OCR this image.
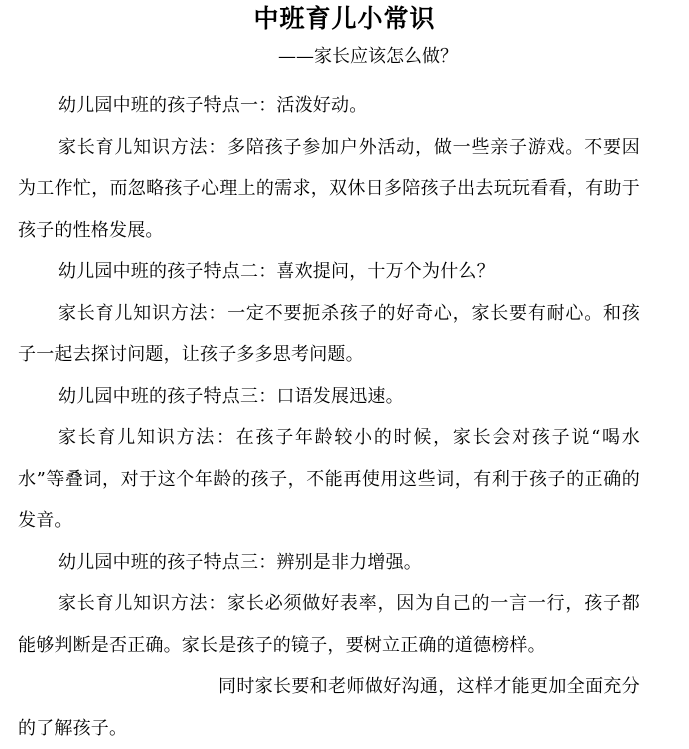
中班育儿小常识
——家长应该怎么做？

幼儿园中班的孩子特点一：活泼好动。

家长育儿知识方法：多陪孩子参加户外活动，做一些亲子游戏。不要因为工作忙，而忽略孩子心理上的需求，双休日多陪孩子出去玩玩看看，有助于孩子的性格发展。

幼儿园中班的孩子特点二：喜欢提问，十万个为什么？

家长育儿知识方法：一定不要扼杀孩子的好奇心，家长要有耐心。和孩子一起去探讨问题，让孩子多多思考问题。

幼儿园中班的孩子特点三：口语发展迅速。

家长育儿知识方法：在孩子年龄较小的时候，家长会对孩子说“喝水水”等叠词，对于这个年龄的孩子，不能再使用这些词，有利于孩子的正确的发音。

幼儿园中班的孩子特点三：辨别是非力增强。

家长育儿知识方法：家长必须做好表率，因为自己的一言一行，孩子都能够判断是否正确。家长是孩子的镜子，要树立正确的道德榜样。

同时家长要和老师做好沟通，这样才能更加全面充分的了解孩子。
